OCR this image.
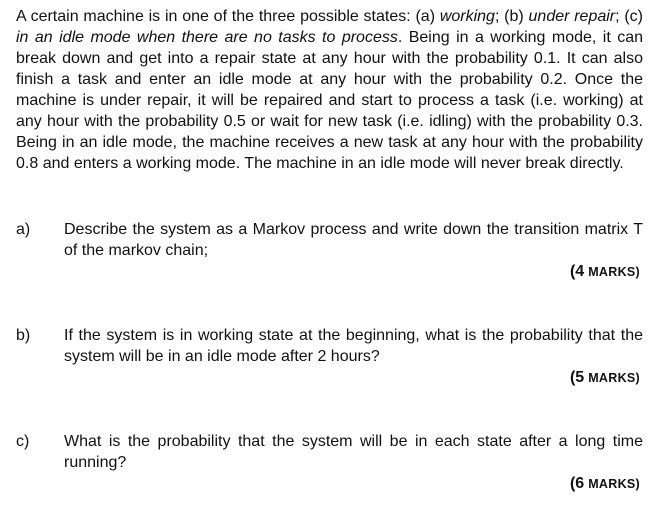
A certain machine is in one of the three possible states: (a) working; (b) under repair; (c) in an idle mode when there are no tasks to process. Being in a working mode, it can break down and get into a repair state at any hour with the probability 0.1. It can also finish a task and enter an idle mode at any hour with the probability 0.2. Once the machine is under repair, it will be repaired and start to process a task (i.e. working) at any hour with the probability 0.5 or wait for new task (i.e. idling) with the probability 0.3. Being in an idle mode, the machine receives a new task at any hour with the probability 0.8 and enters a working mode. The machine in an idle mode will never break directly.

a) Describe the system as a Markov process and write down the transition matrix T of the markov chain;

(4 MARKS)
b) If the system is in working state at the beginning, what is the probability that the system will be in an idle mode after 2 hours?

(5 MARKS)
c) What is the probability that the system will be in each state after a long time running?

(6 MARKS)
